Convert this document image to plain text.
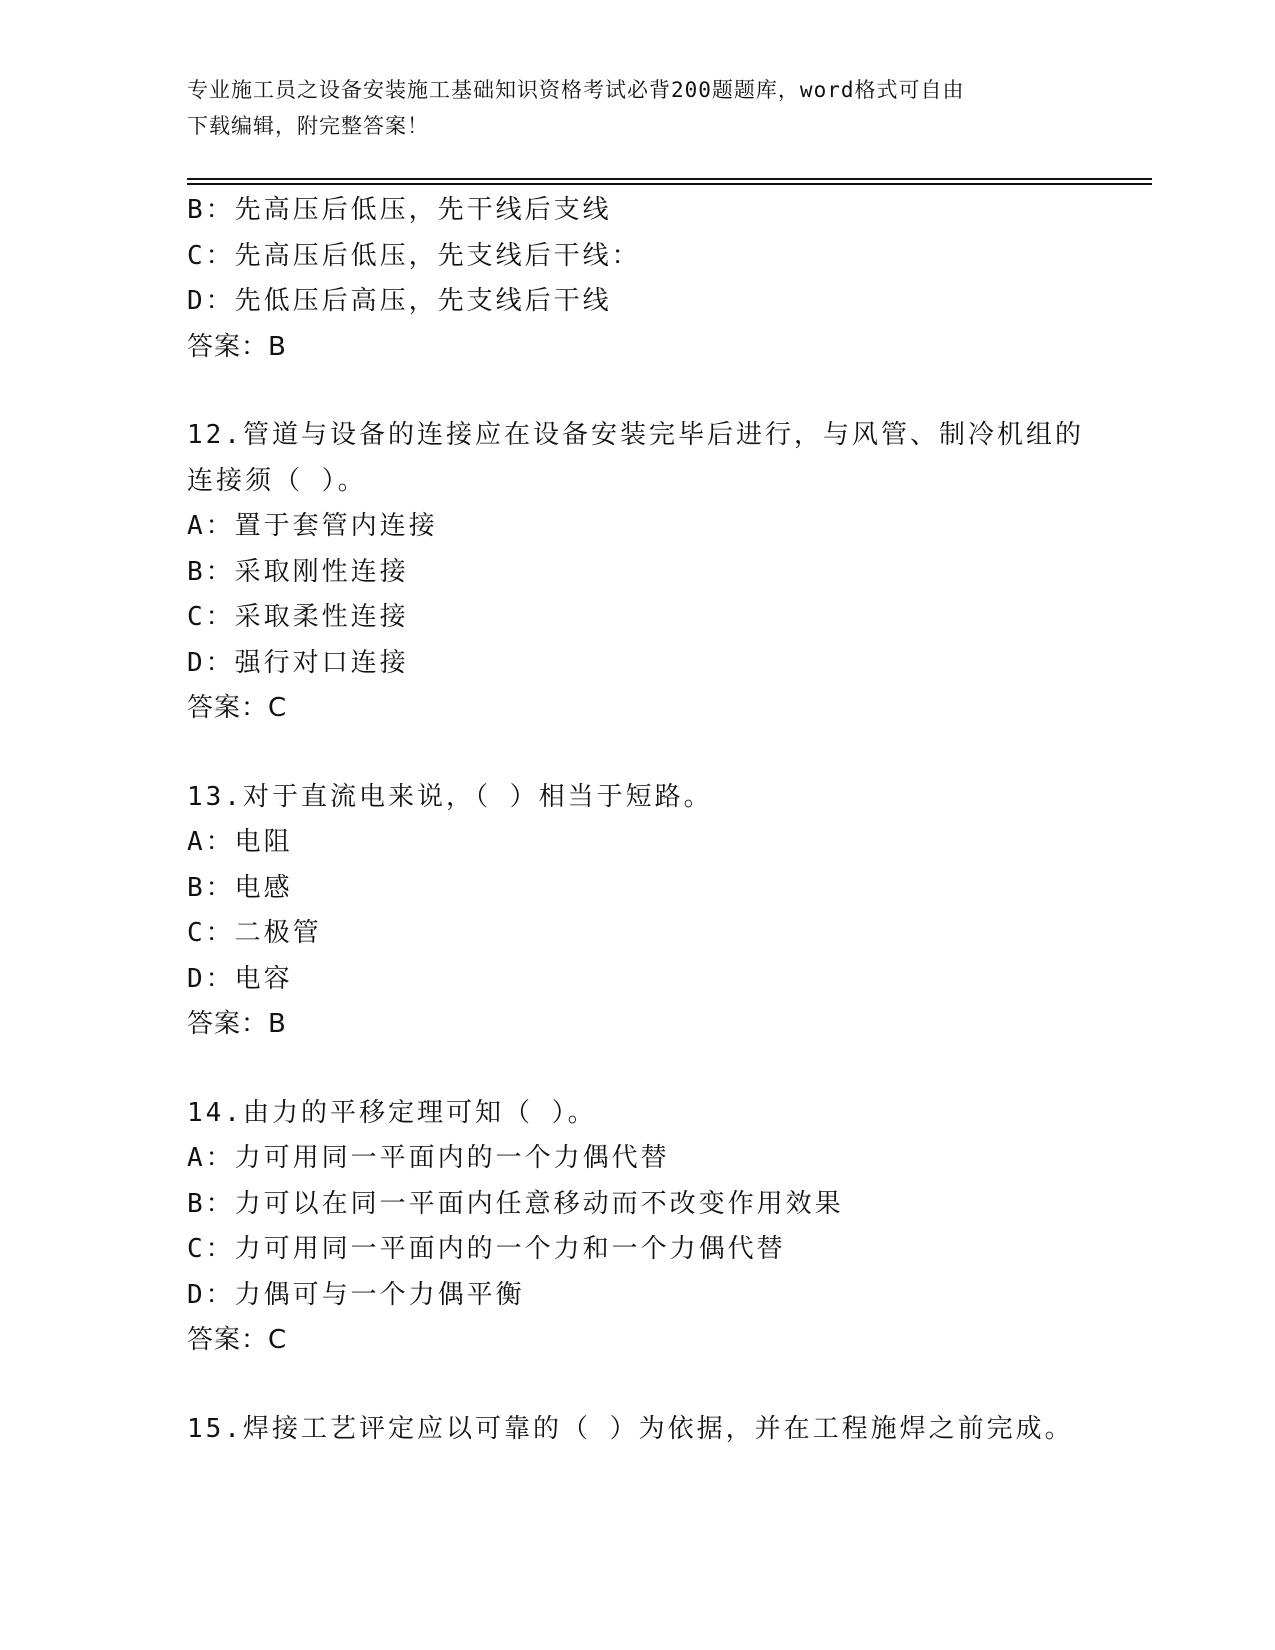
专业施工员之设备安装施工基础知识资格考试必背200题题库，word格式可自由
下载编辑，附完整答案！
B：先高压后低压，先干线后支线
C：先高压后低压，先支线后干线：
D：先低压后高压，先支线后干线
答案：B
12.管道与设备的连接应在设备安装完毕后进行，与风管、制冷机组的
连接须（ ）。
A：置于套管内连接
B：采取刚性连接
C：采取柔性连接
D：强行对口连接
答案：C
13.对于直流电来说，（ ）相当于短路。
A：电阻
B：电感
C：二极管
D：电容
答案：B
14.由力的平移定理可知（ ）。
A：力可用同一平面内的一个力偶代替
B：力可以在同一平面内任意移动而不改变作用效果
C：力可用同一平面内的一个力和一个力偶代替
D：力偶可与一个力偶平衡
答案：C
15.焊接工艺评定应以可靠的（ ）为依据，并在工程施焊之前完成。
